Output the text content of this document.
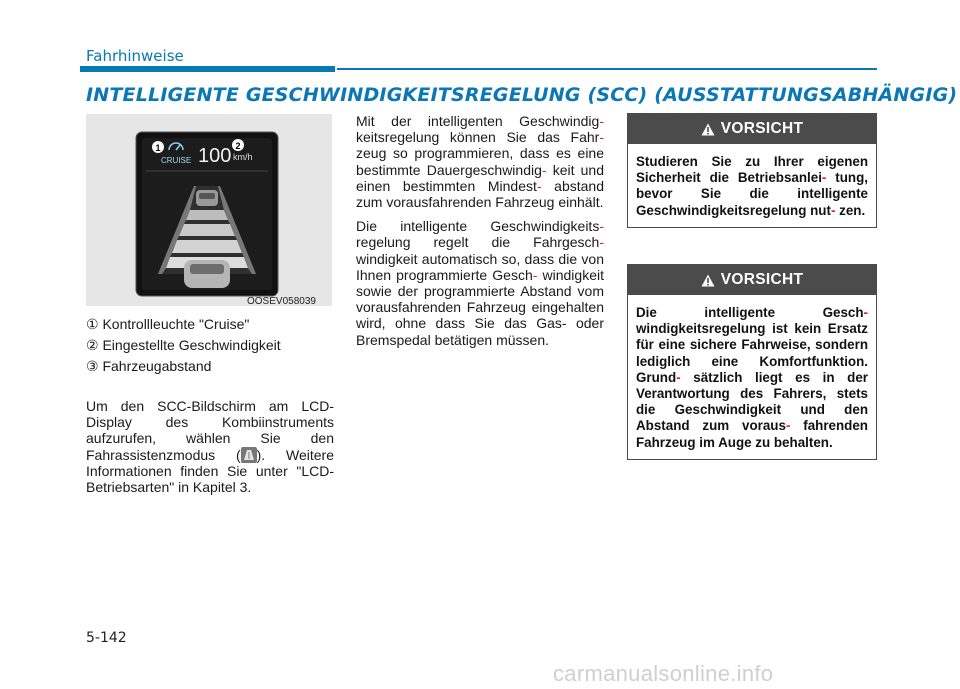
Fahrhinweise
INTELLIGENTE GESCHWINDIGKEITSREGELUNG (SCC) (AUSSTATTUNGSABHÄNGIG)
1	2
CRUISE 100 km/h
OOSEV058039
① Kontrollleuchte "Cruise"
② Eingestellte Geschwindigkeit
③ Fahrzeugabstand

Um den SCC-Bildschirm am LCD-Display des Kombiinstruments aufzurufen, wählen Sie den Fahrassistenzmodus ( ). Weitere Informationen finden Sie unter "LCD-Betriebsarten" in Kapitel 3.

Mit der intelligenten Geschwindig- keitsregelung können Sie das Fahr- zeug so programmieren, dass es eine bestimmte Dauergeschwindig- keit und einen bestimmten Mindest- abstand zum vorausfahrenden Fahrzeug einhält.

Die intelligente Geschwindigkeits- regelung regelt die Fahrgesch- windigkeit automatisch so, dass die von Ihnen programmierte Gesch- windigkeit sowie der programmierte Abstand vom vorausfahrenden Fahrzeug eingehalten wird, ohne dass Sie das Gas- oder Bremspedal betätigen müssen.

VORSICHT
Studieren Sie zu Ihrer eigenen Sicherheit die Betriebsanlei- tung, bevor Sie die intelligente Geschwindigkeitsregelung nut- zen.
VORSICHT
Die intelligente Gesch- windigkeitsregelung ist kein Ersatz für eine sichere Fahrweise, sondern lediglich eine Komfortfunktion. Grund- sätzlich liegt es in der Verantwortung des Fahrers, stets die Geschwindigkeit und den Abstand zum voraus- fahrenden Fahrzeug im Auge zu behalten.
5-142
carmanualsonline.info
